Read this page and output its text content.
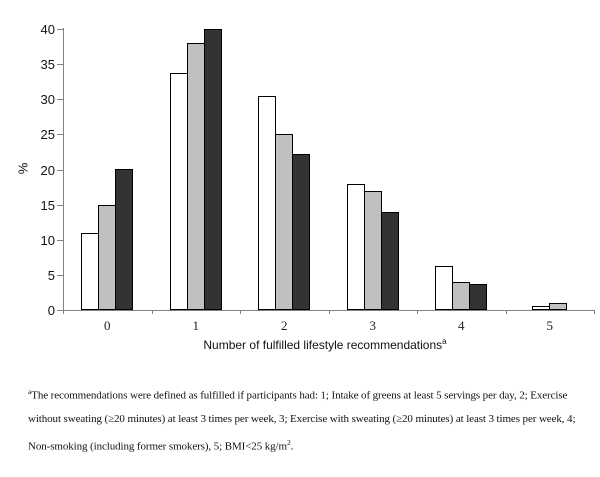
0
5
10
15
20
25
30
35
40
0	1	2	3	4	5
%
Number of fulfilled lifestyle recommendations$^a$
$^a$The recommendations were defined as fulfilled if participants had: 1; Intake of greens at least 5 servings per day, 2; Exercise
without sweating (≥20 minutes) at least 3 times per week, 3; Exercise with sweating (≥20 minutes) at least 3 times per week, 4;
Non-smoking (including former smokers), 5; BMI<25 $kg/m^2$.
